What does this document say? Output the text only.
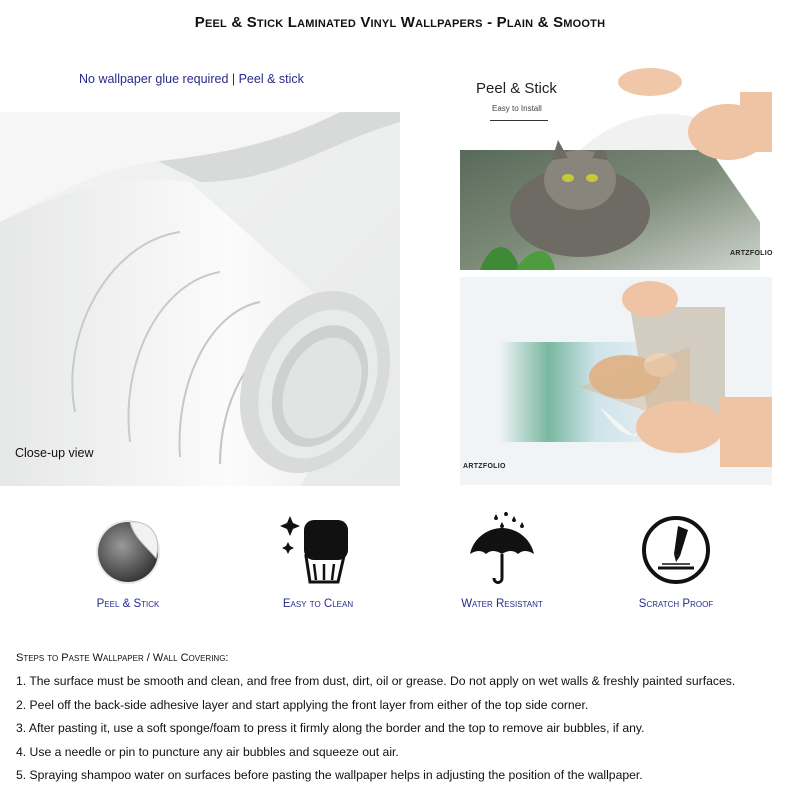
Peel & Stick Laminated Vinyl Wallpapers - Plain & Smooth
No wallpaper glue required | Peel & stick
Close-up view
Peel & Stick
Easy to Install
ARTZFOLIO
ARTZFOLIO
Peel & Stick	Easy to Clean	Water Resistant	Scratch Proof
Steps to Paste Wallpaper / Wall Covering:
1. The surface must be smooth and clean, and free from dust, dirt, oil or grease. Do not apply on wet walls & freshly painted surfaces.
2. Peel off the back-side adhesive layer and start applying the front layer from either of the top side corner.
3. After pasting it, use a soft sponge/foam to press it firmly along the border and the top to remove air bubbles, if any.
4. Use a needle or pin to puncture any air bubbles and squeeze out air.
5. Spraying shampoo water on surfaces before pasting the wallpaper helps in adjusting the position of the wallpaper.
